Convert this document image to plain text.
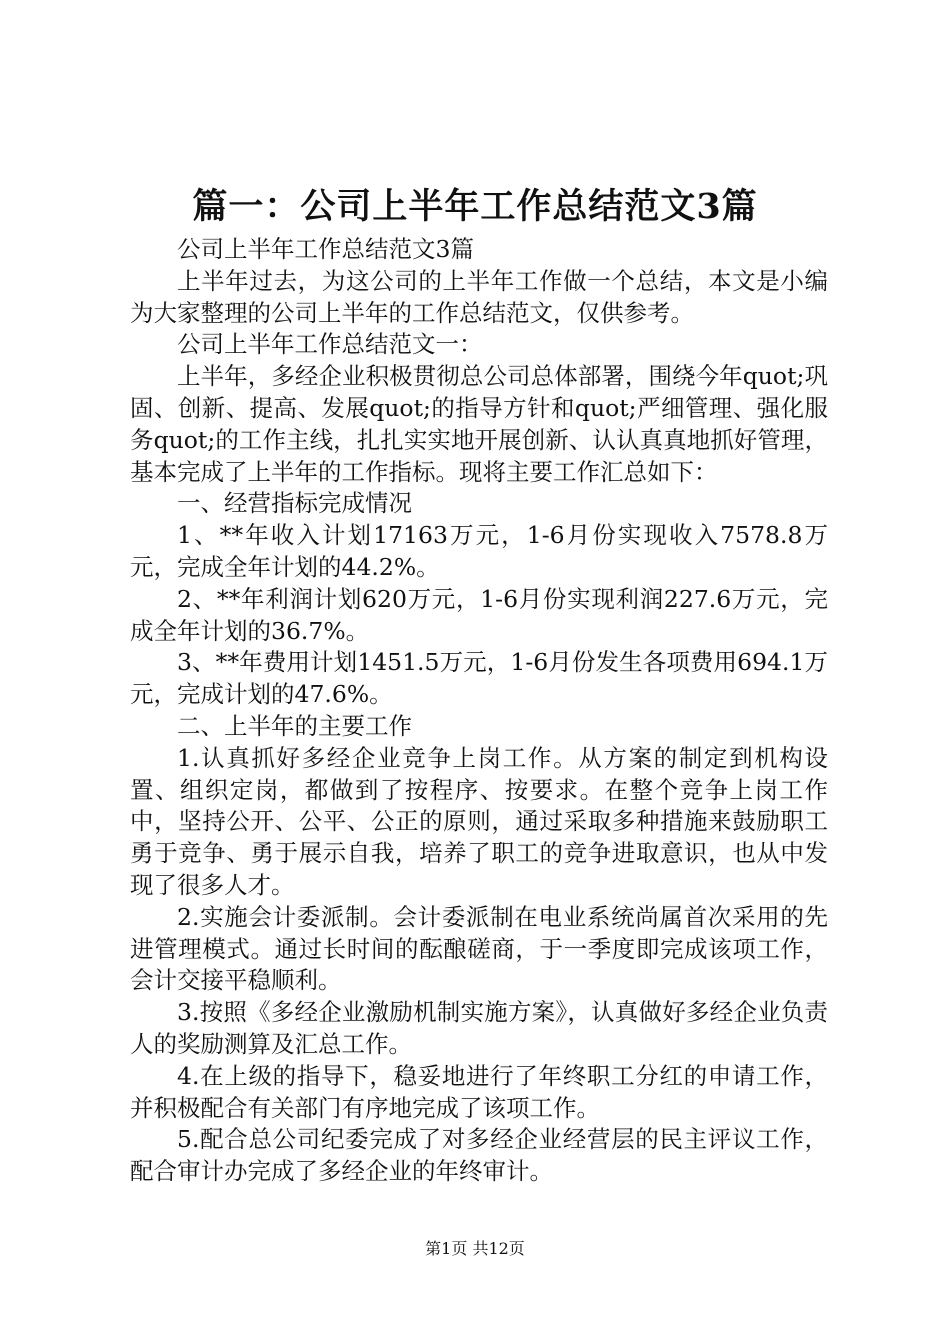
篇一：公司上半年工作总结范文3篇

公司上半年工作总结范文3篇

上半年过去，为这公司的上半年工作做一个总结，本文是小编为大家整理的公司上半年的工作总结范文，仅供参考。

公司上半年工作总结范文一：

上半年，多经企业积极贯彻总公司总体部署，围绕今年quot;巩固、创新、提高、发展quot;的指导方针和quot;严细管理、强化服务quot;的工作主线，扎扎实实地开展创新、认认真真地抓好管理，基本完成了上半年的工作指标。现将主要工作汇总如下：

一、经营指标完成情况

1、**年收入计划17163万元，1-6月份实现收入7578.8万元，完成全年计划的44.2%。

2、**年利润计划620万元，1-6月份实现利润227.6万元，完成全年计划的36.7%。

3、**年费用计划1451.5万元，1-6月份发生各项费用694.1万元，完成计划的47.6%。

二、上半年的主要工作

1.认真抓好多经企业竞争上岗工作。从方案的制定到机构设置、组织定岗，都做到了按程序、按要求。在整个竞争上岗工作中，坚持公开、公平、公正的原则，通过采取多种措施来鼓励职工勇于竞争、勇于展示自我，培养了职工的竞争进取意识，也从中发现了很多人才。

2.实施会计委派制。会计委派制在电业系统尚属首次采用的先进管理模式。通过长时间的酝酿磋商，于一季度即完成该项工作，会计交接平稳顺利。

3.按照《多经企业激励机制实施方案》，认真做好多经企业负责人的奖励测算及汇总工作。

4.在上级的指导下，稳妥地进行了年终职工分红的申请工作，并积极配合有关部门有序地完成了该项工作。

5.配合总公司纪委完成了对多经企业经营层的民主评议工作，配合审计办完成了多经企业的年终审计。

第1页 共12页
